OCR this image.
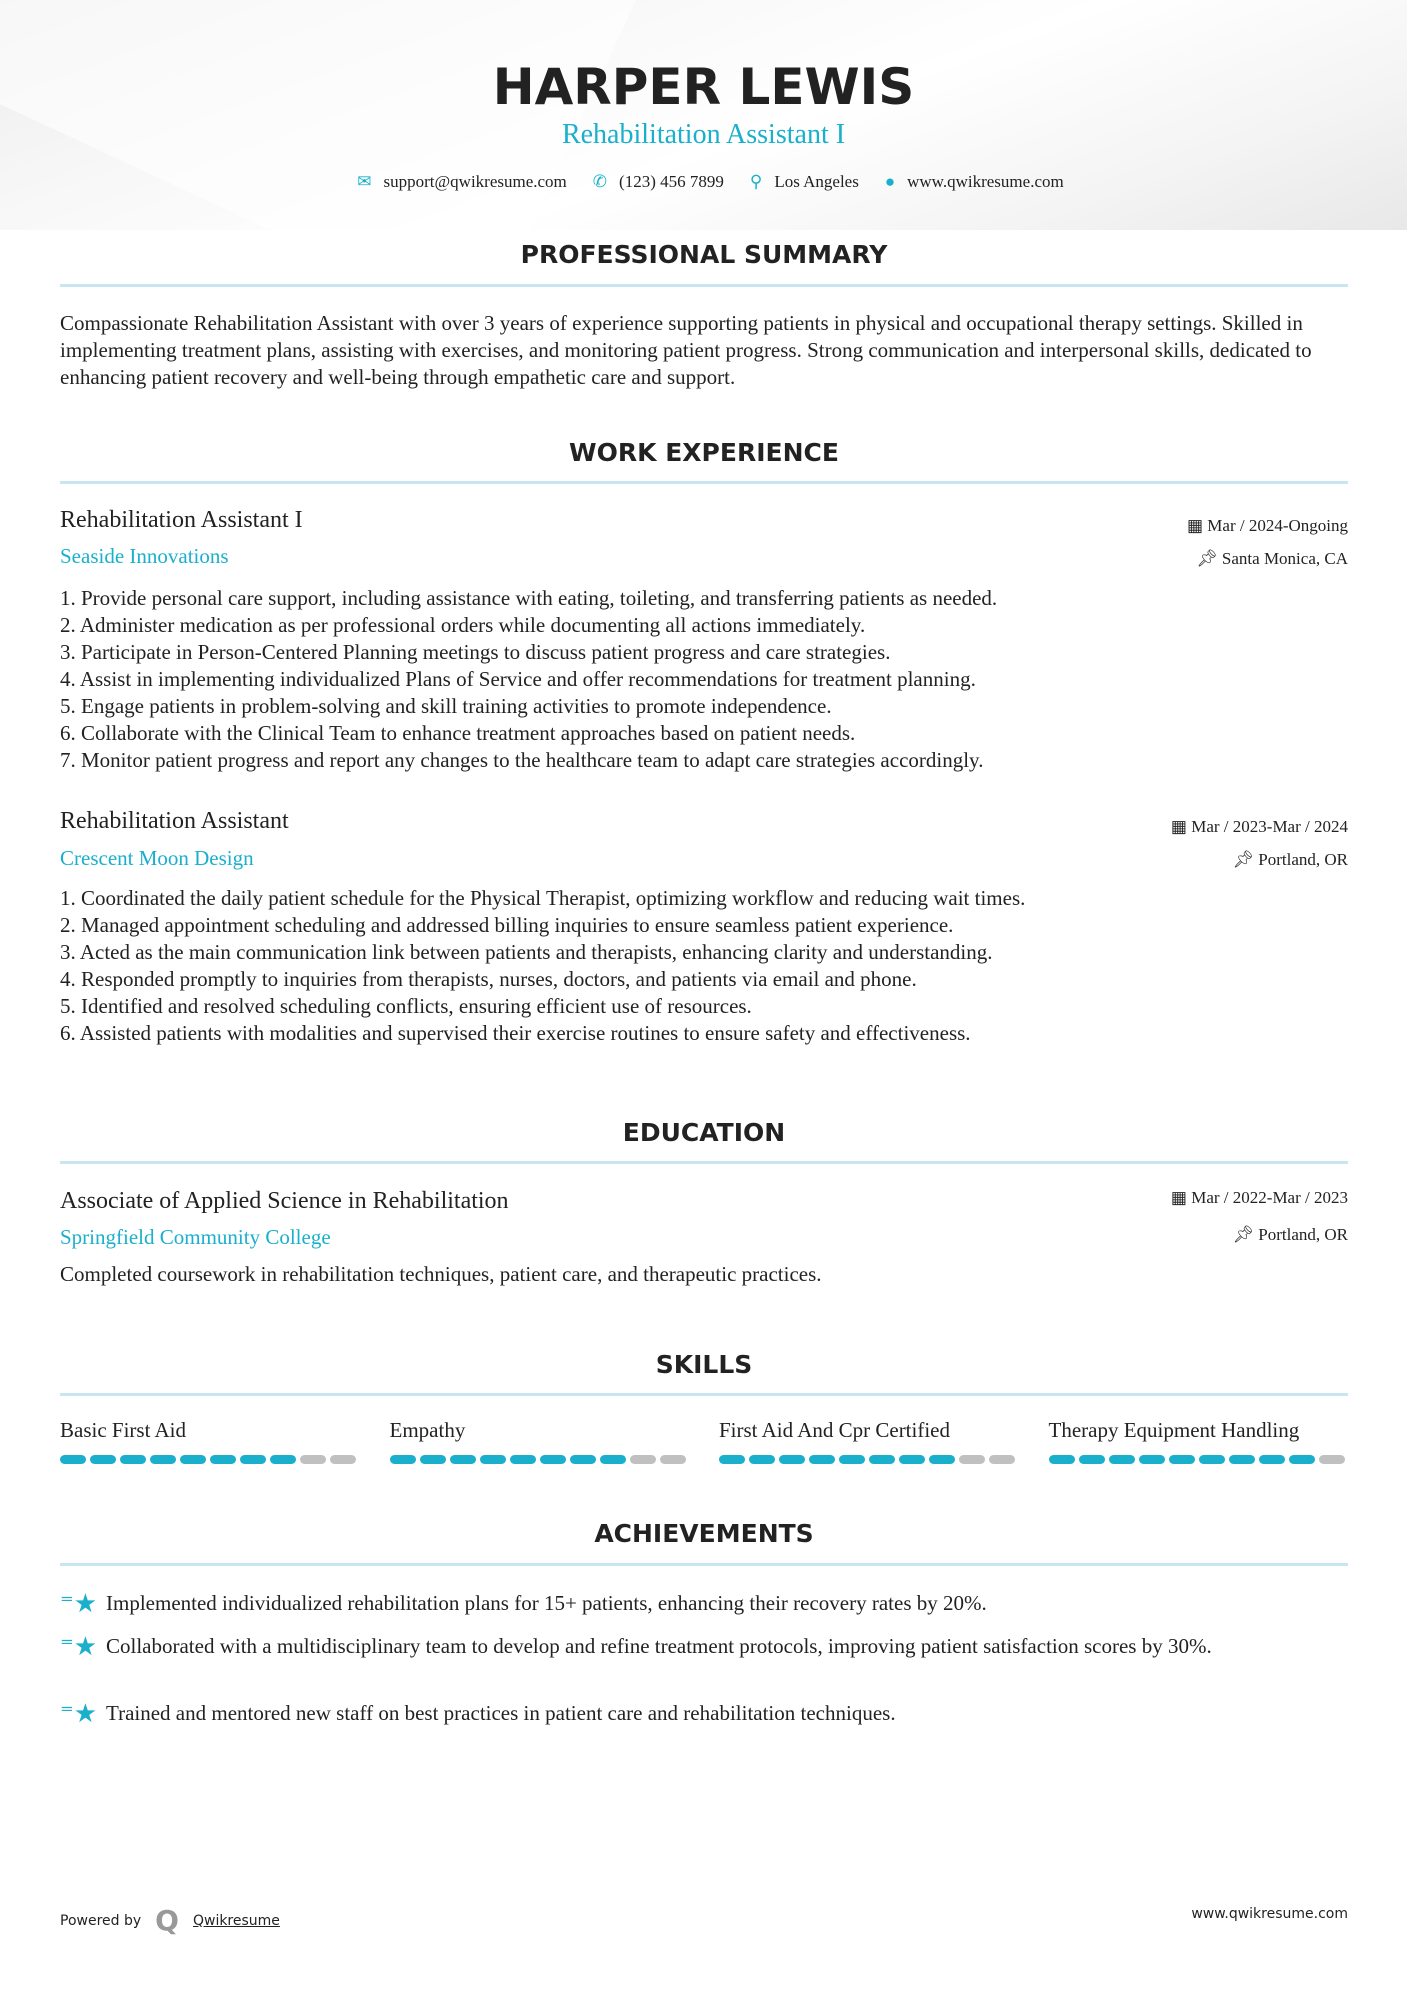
HARPER LEWIS
Rehabilitation Assistant I
✉ support@qwikresume.com ✆ (123) 456 7899 ⚲ Los Angeles ● www.qwikresume.com
PROFESSIONAL SUMMARY
Compassionate Rehabilitation Assistant with over 3 years of experience supporting patients in physical and occupational therapy settings. Skilled in implementing treatment plans, assisting with exercises, and monitoring patient progress. Strong communication and interpersonal skills, dedicated to enhancing patient recovery and well-being through empathetic care and support.
WORK EXPERIENCE
Rehabilitation Assistant I	▦ Mar / 2024-Ongoing
Seaside Innovations	📌︎ Santa Monica, CA
1. Provide personal care support, including assistance with eating, toileting, and transferring patients as needed.
2. Administer medication as per professional orders while documenting all actions immediately.
3. Participate in Person-Centered Planning meetings to discuss patient progress and care strategies.
4. Assist in implementing individualized Plans of Service and offer recommendations for treatment planning.
5. Engage patients in problem-solving and skill training activities to promote independence.
6. Collaborate with the Clinical Team to enhance treatment approaches based on patient needs.
7. Monitor patient progress and report any changes to the healthcare team to adapt care strategies accordingly.
Rehabilitation Assistant	▦ Mar / 2023-Mar / 2024
Crescent Moon Design	📌︎ Portland, OR
1. Coordinated the daily patient schedule for the Physical Therapist, optimizing workflow and reducing wait times.
2. Managed appointment scheduling and addressed billing inquiries to ensure seamless patient experience.
3. Acted as the main communication link between patients and therapists, enhancing clarity and understanding.
4. Responded promptly to inquiries from therapists, nurses, doctors, and patients via email and phone.
5. Identified and resolved scheduling conflicts, ensuring efficient use of resources.
6. Assisted patients with modalities and supervised their exercise routines to ensure safety and effectiveness.
EDUCATION
Associate of Applied Science in Rehabilitation	▦ Mar / 2022-Mar / 2023
Springfield Community College	📌︎ Portland, OR
Completed coursework in rehabilitation techniques, patient care, and therapeutic practices.
SKILLS
Basic First Aid	Empathy	First Aid And Cpr Certified	Therapy Equipment Handling
ACHIEVEMENTS
⁼★ Implemented individualized rehabilitation plans for 15+ patients, enhancing their recovery rates by 20%.
⁼★ Collaborated with a multidisciplinary team to develop and refine treatment protocols, improving patient satisfaction scores by 30%.
⁼★ Trained and mentored new staff on best practices in patient care and rehabilitation techniques.
Powered by Q Qwikresume	www.qwikresume.com
